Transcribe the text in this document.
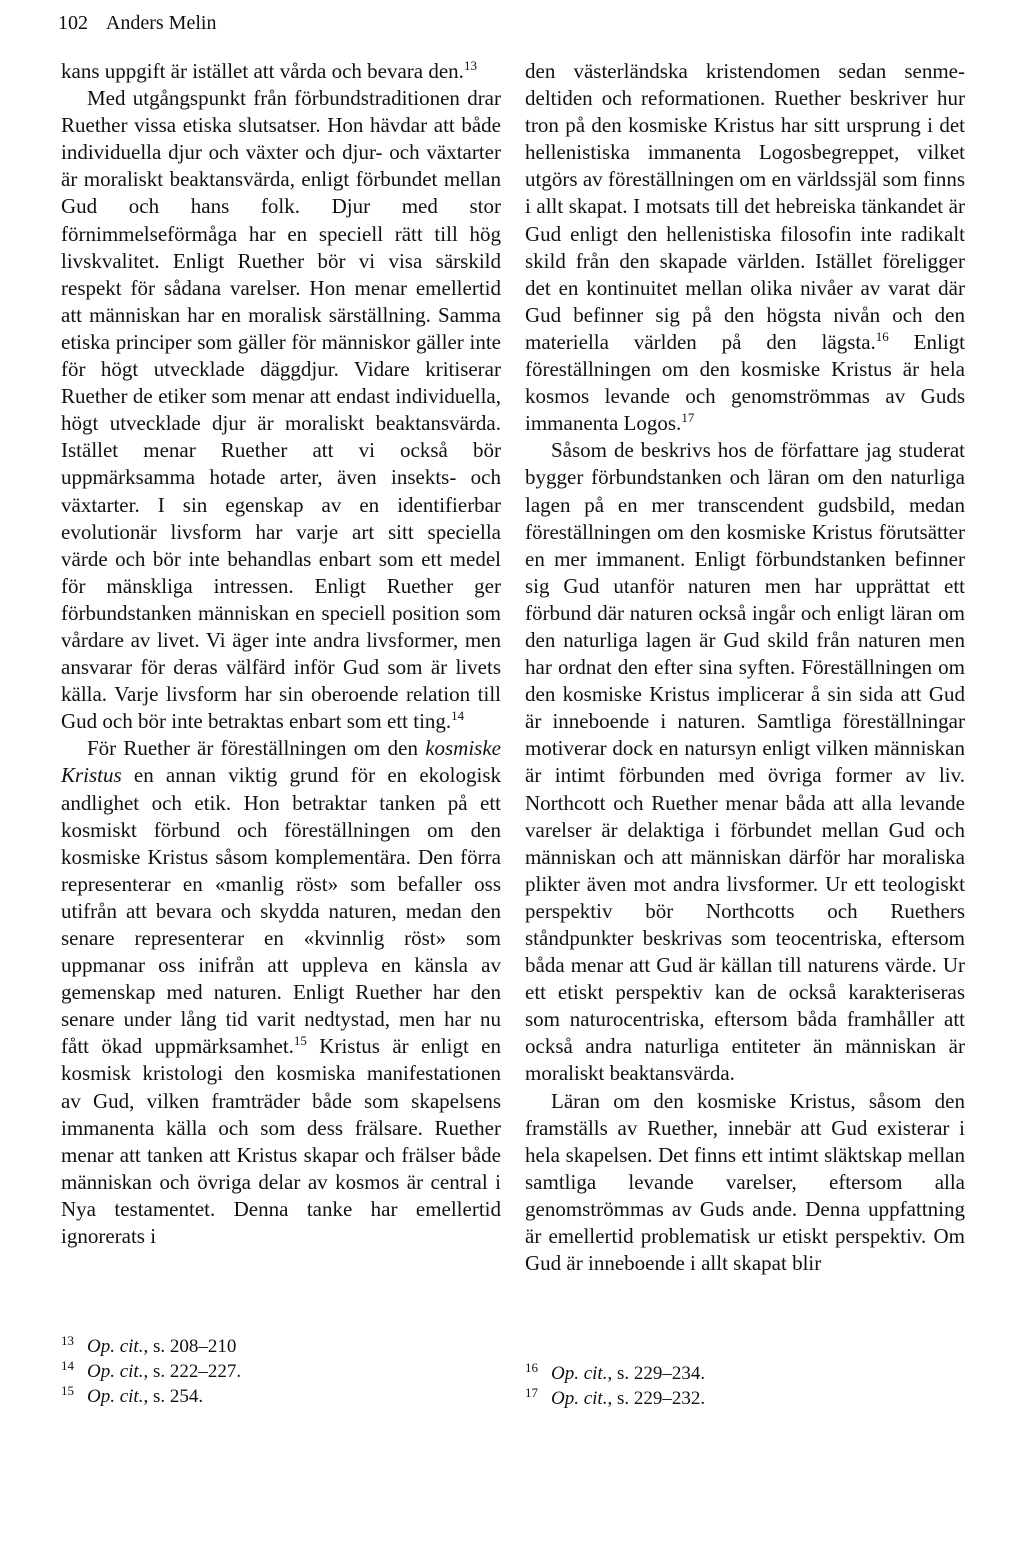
102 Anders Melin

kans uppgift är istället att vårda och bevara den.$^{13}$

Med utgångspunkt från förbundstraditionen drar Ruether vissa etiska slutsatser. Hon hävdar att både individuella djur och växter och djur- och växtarter är moraliskt beaktansvärda, enligt förbundet mellan Gud och hans folk. Djur med stor förnimmelseförmåga har en speciell rätt till hög livskvalitet. Enligt Ruether bör vi visa särskild respekt för sådana varelser. Hon menar emellertid att människan har en moralisk särställning. Samma etiska principer som gäller för människor gäller inte för högt utvecklade däggdjur. Vidare kritiserar Ruether de etiker som menar att endast individuella, högt utvecklade djur är moraliskt beaktansvärda. Istället menar Ruether att vi också bör uppmärksamma hotade arter, även insekts- och växtarter. I sin egenskap av en identifierbar evolutionär livsform har varje art sitt speciella värde och bör inte behandlas enbart som ett medel för mänskliga intressen. Enligt Ruether ger förbundstanken människan en speciell position som vårdare av livet. Vi äger inte andra livsformer, men ansvarar för deras välfärd inför Gud som är livets källa. Varje livsform har sin oberoende relation till Gud och bör inte betraktas enbart som ett ting.$^{14}$

För Ruether är föreställningen om den kosmiske Kristus en annan viktig grund för en ekologisk andlighet och etik. Hon betraktar tanken på ett kosmiskt förbund och föreställningen om den kosmiske Kristus såsom komplementära. Den förra representerar en «manlig röst» som befaller oss utifrån att bevara och skydda naturen, medan den senare representerar en «kvinnlig röst» som uppmanar oss inifrån att uppleva en känsla av gemenskap med naturen. Enligt Ruether har den senare under lång tid varit nedtystad, men har nu fått ökad uppmärksamhet.$^{15}$ Kristus är enligt en kosmisk kristologi den kosmiska manifestationen av Gud, vilken framträder både som skapelsens immanenta källa och som dess frälsare. Ruether menar att tanken att Kristus skapar och frälser både människan och övriga delar av kosmos är central i Nya testamentet. Denna tanke har emellertid ignorerats i

den västerländska kristendomen sedan senmedeltiden och reformationen. Ruether beskriver hur tron på den kosmiske Kristus har sitt ursprung i det hellenistiska immanenta Logosbegreppet, vilket utgörs av föreställningen om en världssjäl som finns i allt skapat. I motsats till det hebreiska tänkandet är Gud enligt den hellenistiska filosofin inte radikalt skild från den skapade världen. Istället föreligger det en kontinuitet mellan olika nivåer av varat där Gud befinner sig på den högsta nivån och den materiella världen på den lägsta.$^{16}$ Enligt föreställningen om den kosmiske Kristus är hela kosmos levande och genomströmmas av Guds immanenta Logos.$^{17}$

Såsom de beskrivs hos de författare jag studerat bygger förbundstanken och läran om den naturliga lagen på en mer transcendent gudsbild, medan föreställningen om den kosmiske Kristus förutsätter en mer immanent. Enligt förbundstanken befinner sig Gud utanför naturen men har upprättat ett förbund där naturen också ingår och enligt läran om den naturliga lagen är Gud skild från naturen men har ordnat den efter sina syften. Föreställningen om den kosmiske Kristus implicerar å sin sida att Gud är inneboende i naturen. Samtliga föreställningar motiverar dock en natursyn enligt vilken människan är intimt förbunden med övriga former av liv. Northcott och Ruether menar båda att alla levande varelser är delaktiga i förbundet mellan Gud och människan och att människan därför har moraliska plikter även mot andra livsformer. Ur ett teologiskt perspektiv bör Northcotts och Ruethers ståndpunkter beskrivas som teocentriska, eftersom båda menar att Gud är källan till naturens värde. Ur ett etiskt perspektiv kan de också karakteriseras som naturocentriska, eftersom båda framhåller att också andra naturliga entiteter än människan är moraliskt beaktansvärda.

Läran om den kosmiske Kristus, såsom den framställs av Ruether, innebär att Gud existerar i hela skapelsen. Det finns ett intimt släktskap mellan samtliga levande varelser, eftersom alla genomströmmas av Guds ande. Denna uppfattning är emellertid problematisk ur etiskt perspektiv. Om Gud är inneboende i allt skapat blir

13 Op. cit., s. 208–210
14 Op. cit., s. 222–227.
15 Op. cit., s. 254.
16 Op. cit., s. 229–234.
17 Op. cit., s. 229–232.
